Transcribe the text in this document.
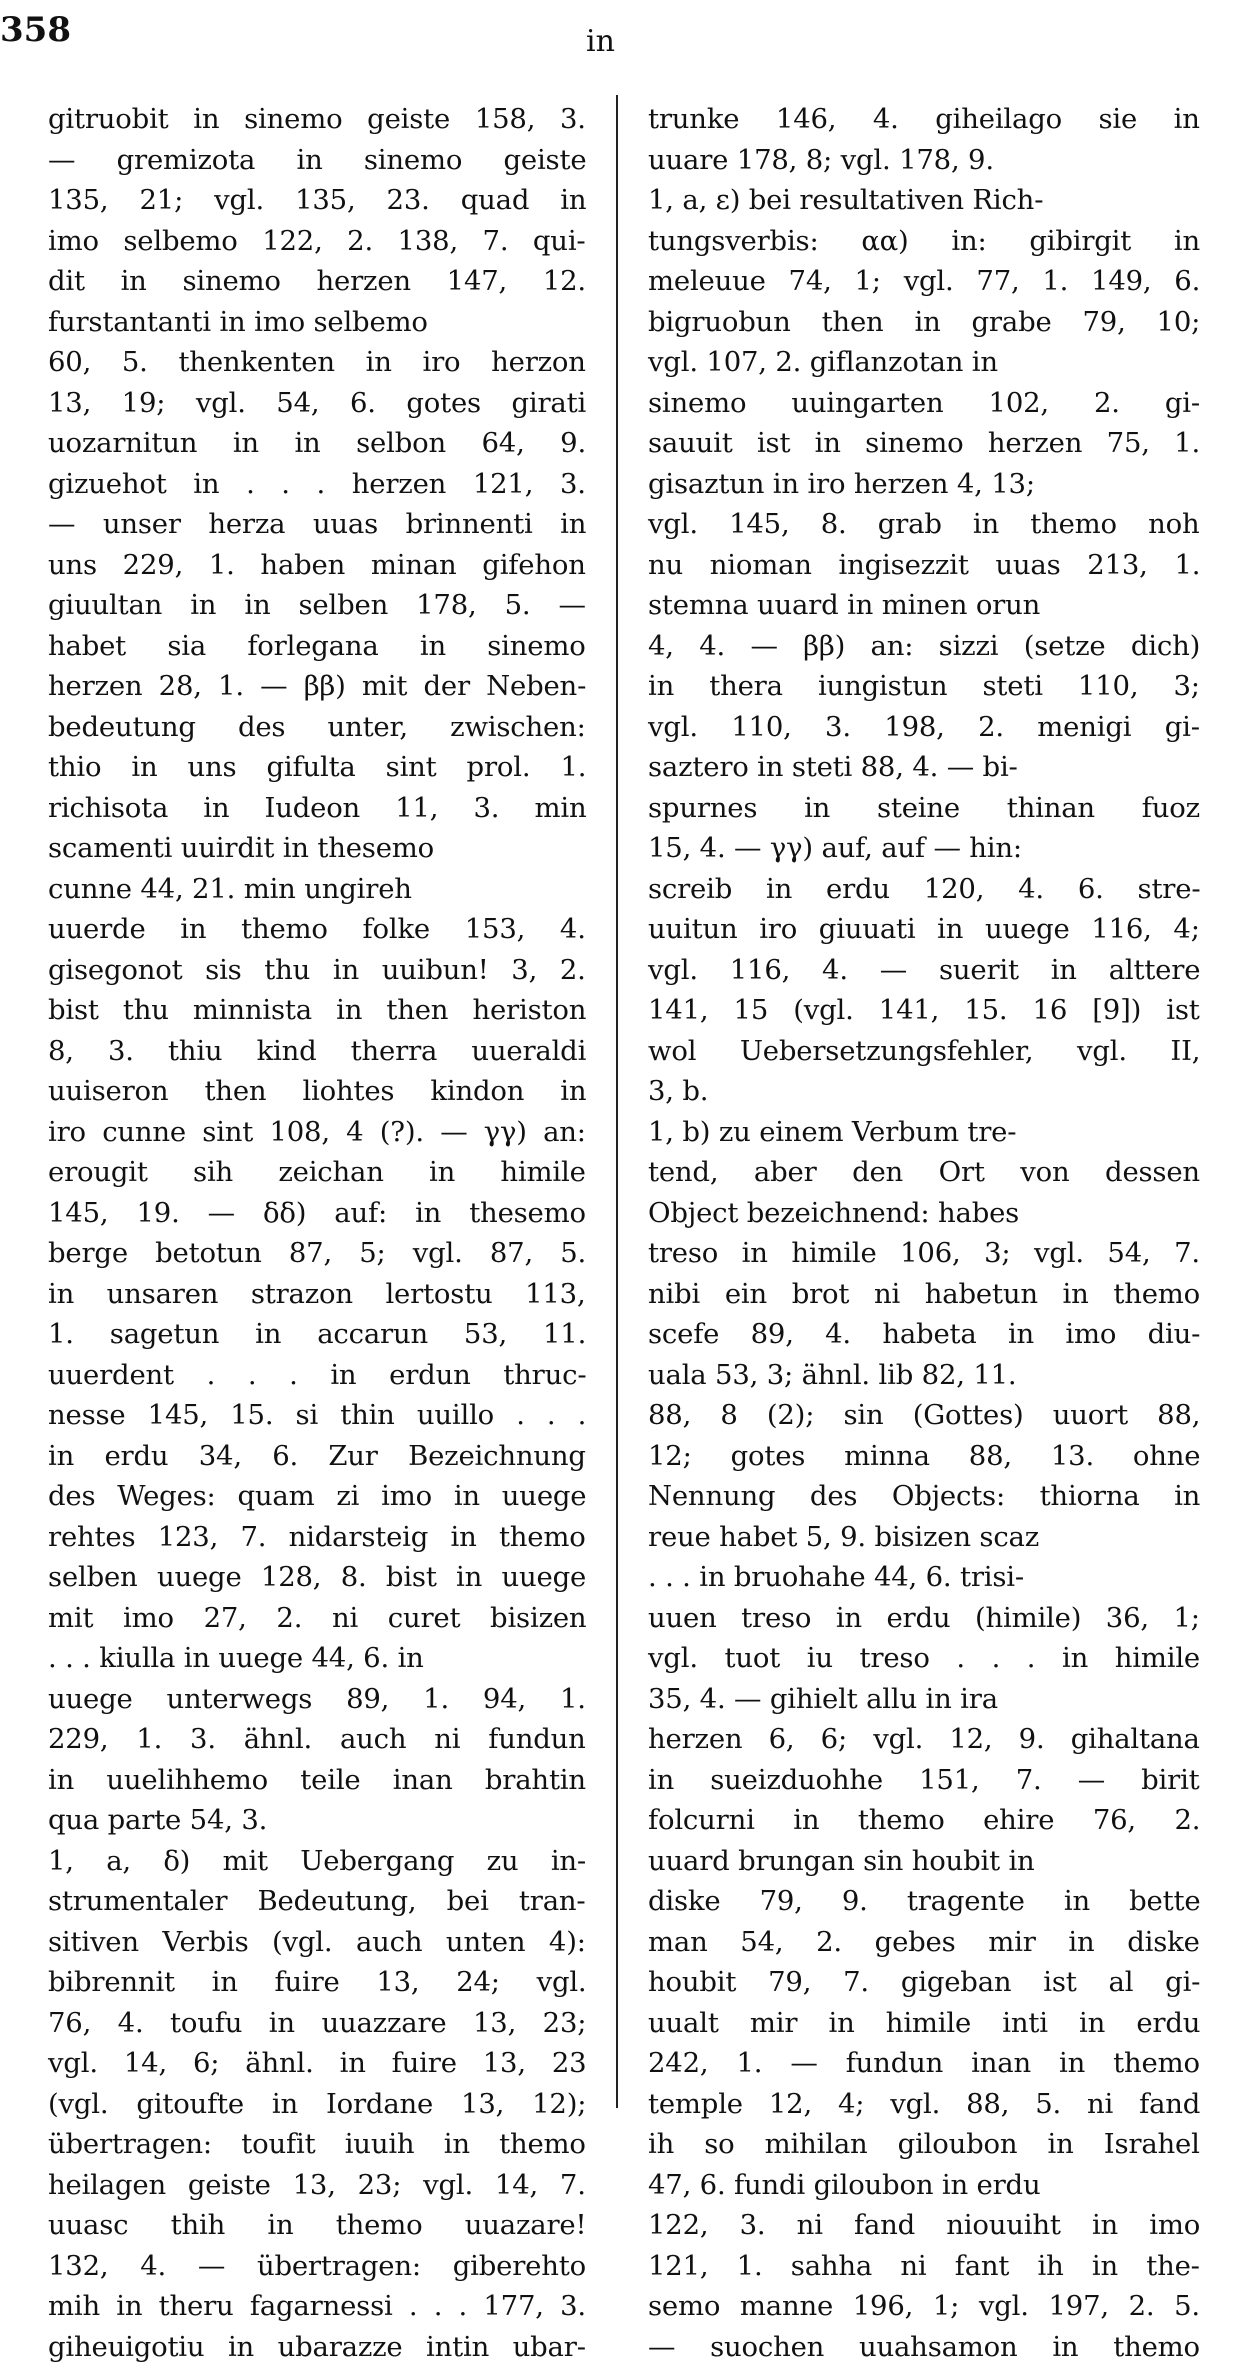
358	in
gitruobit in sinemo geiste 158, 3.
— gremizota in sinemo geiste
135, 21; vgl. 135, 23. quad in
imo selbemo 122, 2. 138, 7. qui-
dit in sinemo herzen 147, 12.
furstantanti in imo selbemo
60, 5. thenkenten in iro herzon
13, 19; vgl. 54, 6. gotes girati
uozarnitun in in selbon 64, 9.
gizuehot in . . . herzen 121, 3.
— unser herza uuas brinnenti in
uns 229, 1. haben minan gifehon
giuultan in in selben 178, 5. —
habet sia forlegana in sinemo
herzen 28, 1. — ββ) mit der Neben-
bedeutung des unter, zwischen:
thio in uns gifulta sint prol. 1.
richisota in Iudeon 11, 3. min
scamenti uuirdit in thesemo
cunne 44, 21. min ungireh
uuerde in themo folke 153, 4.
gisegonot sis thu in uuibun! 3, 2.
bist thu minnista in then heriston
8, 3. thiu kind therra uueraldi
uuiseron then liohtes kindon in
iro cunne sint 108, 4 (?). — γγ) an:
erougit sih zeichan in himile
145, 19. — δδ) auf: in thesemo
berge betotun 87, 5; vgl. 87, 5.
in unsaren strazon lertostu 113,
1. sagetun in accarun 53, 11.
uuerdent . . . in erdun thruc-
nesse 145, 15. si thin uuillo . . .
in erdu 34, 6. Zur Bezeichnung
des Weges: quam zi imo in uuege
rehtes 123, 7. nidarsteig in themo
selben uuege 128, 8. bist in uuege
mit imo 27, 2. ni curet bisizen
. . . kiulla in uuege 44, 6. in
uuege unterwegs 89, 1. 94, 1.
229, 1. 3. ähnl. auch ni fundun
in uuelihhemo teile inan brahtin
qua parte 54, 3.
1, a, δ) mit Uebergang zu in-
strumentaler Bedeutung, bei tran-
sitiven Verbis (vgl. auch unten 4):
bibrennit in fuire 13, 24; vgl.
76, 4. toufu in uuazzare 13, 23;
vgl. 14, 6; ähnl. in fuire 13, 23
(vgl. gitoufte in Iordane 13, 12);
übertragen: toufit iuuih in themo
heilagen geiste 13, 23; vgl. 14, 7.
uuasc thih in themo uuazare!
132, 4. — übertragen: giberehto
mih in theru fagarnessi . . . 177, 3.
giheuigotiu in ubarazze intin ubar-
trunke 146, 4. giheilago sie in
uuare 178, 8; vgl. 178, 9.
1, a, ε) bei resultativen Rich-
tungsverbis: αα) in: gibirgit in
meleuue 74, 1; vgl. 77, 1. 149, 6.
bigruobun then in grabe 79, 10;
vgl. 107, 2. giflanzotan in
sinemo uuingarten 102, 2. gi-
sauuit ist in sinemo herzen 75, 1.
gisaztun in iro herzen 4, 13;
vgl. 145, 8. grab in themo noh
nu nioman ingisezzit uuas 213, 1.
stemna uuard in minen orun
4, 4. — ββ) an: sizzi (setze dich)
in thera iungistun steti 110, 3;
vgl. 110, 3. 198, 2. menigi gi-
saztero in steti 88, 4. — bi-
spurnes in steine thinan fuoz
15, 4. — γγ) auf, auf — hin:
screib in erdu 120, 4. 6. stre-
uuitun iro giuuati in uuege 116, 4;
vgl. 116, 4. — suerit in alttere
141, 15 (vgl. 141, 15. 16 [9]) ist
wol Uebersetzungsfehler, vgl. II,
3, b.
1, b) zu einem Verbum tre-
tend, aber den Ort von dessen
Object bezeichnend: habes
treso in himile 106, 3; vgl. 54, 7.
nibi ein brot ni habetun in themo
scefe 89, 4. habeta in imo diu-
uala 53, 3; ähnl. lib 82, 11.
88, 8 (2); sin (Gottes) uuort 88,
12; gotes minna 88, 13. ohne
Nennung des Objects: thiorna in
reue habet 5, 9. bisizen scaz
. . . in bruohahe 44, 6. trisi-
uuen treso in erdu (himile) 36, 1;
vgl. tuot iu treso . . . in himile
35, 4. — gihielt allu in ira
herzen 6, 6; vgl. 12, 9. gihaltana
in sueizduohhe 151, 7. — birit
folcurni in themo ehire 76, 2.
uuard brungan sin houbit in
diske 79, 9. tragente in bette
man 54, 2. gebes mir in diske
houbit 79, 7. gigeban ist al gi-
uualt mir in himile inti in erdu
242, 1. — fundun inan in themo
temple 12, 4; vgl. 88, 5. ni fand
ih so mihilan giloubon in Israhel
47, 6. fundi giloubon in erdu
122, 3. ni fand niouuiht in imo
121, 1. sahha ni fant ih in the-
semo manne 196, 1; vgl. 197, 2. 5.
— suochen uuahsamon in themo
